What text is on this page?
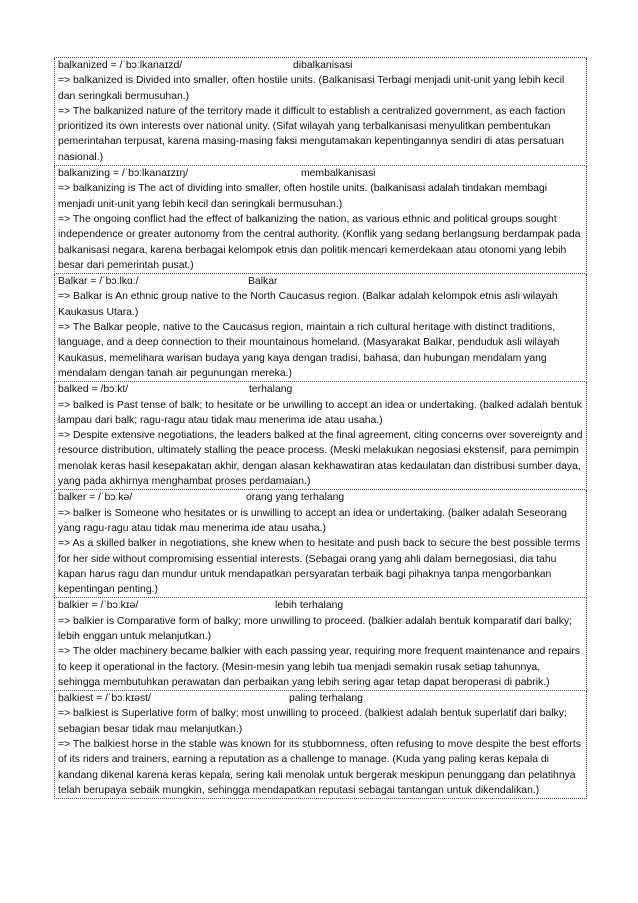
balkanized = /ˈbɔːlkanaɪzd/

	dibalkanisasi

=> balkanized is Divided into smaller, often hostile units. (Balkanisasi Terbagi menjadi unit-unit yang lebih kecil dan seringkali bermusuhan.)
=> The balkanized nature of the territory made it difficult to establish a centralized government, as each faction prioritized its own interests over national unity. (Sifat wilayah yang terbalkanisasi menyulitkan pembentukan pemerintahan terpusat, karena masing-masing faksi mengutamakan kepentingannya sendiri di atas persatuan nasional.)

balkanizing = /ˈbɔːlkanaɪzɪŋ/

	membalkanisasi

=> balkanizing is The act of dividing into smaller, often hostile units. (balkanisasi adalah tindakan membagi menjadi unit-unit yang lebih kecil dan seringkali bermusuhan.)
=> The ongoing conflict had the effect of balkanizing the nation, as various ethnic and political groups sought independence or greater autonomy from the central authority. (Konflik yang sedang berlangsung berdampak pada balkanisasi negara, karena berbagai kelompok etnis dan politik mencari kemerdekaan atau otonomi yang lebih besar dari pemerintah pusat.)

Balkar = /ˈbɔːlkɑː/

	Balkar

=> Balkar is An ethnic group native to the North Caucasus region. (Balkar adalah kelompok etnis asli wilayah Kaukasus Utara.)
=> The Balkar people, native to the Caucasus region, maintain a rich cultural heritage with distinct traditions, language, and a deep connection to their mountainous homeland. (Masyarakat Balkar, penduduk asli wilayah Kaukasus, memelihara warisan budaya yang kaya dengan tradisi, bahasa, dan hubungan mendalam yang mendalam dengan tanah air pegunungan mereka.)

balked = /bɔːkt/

	terhalang

=> balked is Past tense of balk; to hesitate or be unwilling to accept an idea or undertaking. (balked adalah bentuk lampau dari balk; ragu-ragu atau tidak mau menerima ide atau usaha.)
=> Despite extensive negotiations, the leaders balked at the final agreement, citing concerns over sovereignty and resource distribution, ultimately stalling the peace process. (Meski melakukan negosiasi ekstensif, para pemimpin menolak keras hasil kesepakatan akhir, dengan alasan kekhawatiran atas kedaulatan dan distribusi sumber daya, yang pada akhirnya menghambat proses perdamaian.)

balker = /ˈbɔːkə/

	orang yang terhalang

=> balker is Someone who hesitates or is unwilling to accept an idea or undertaking. (balker adalah Seseorang yang ragu-ragu atau tidak mau menerima ide atau usaha.)
=> As a skilled balker in negotiations, she knew when to hesitate and push back to secure the best possible terms for her side without compromising essential interests. (Sebagai orang yang ahli dalam bernegosiasi, dia tahu kapan harus ragu dan mundur untuk mendapatkan persyaratan terbaik bagi pihaknya tanpa mengorbankan kepentingan penting.)

balkier = /ˈbɔːkɪə/

	lebih terhalang

=> balkier is Comparative form of balky; more unwilling to proceed. (balkier adalah bentuk komparatif dari balky; lebih enggan untuk melanjutkan.)
=> The older machinery became balkier with each passing year, requiring more frequent maintenance and repairs to keep it operational in the factory. (Mesin-mesin yang lebih tua menjadi semakin rusak setiap tahunnya, sehingga membutuhkan perawatan dan perbaikan yang lebih sering agar tetap dapat beroperasi di pabrik.)

balkiest = /ˈbɔːkɪəst/

	paling terhalang

=> balkiest is Superlative form of balky; most unwilling to proceed. (balkiest adalah bentuk superlatif dari balky; sebagian besar tidak mau melanjutkan.)
=> The balkiest horse in the stable was known for its stubbornness, often refusing to move despite the best efforts of its riders and trainers, earning a reputation as a challenge to manage. (Kuda yang paling keras kepala di kandang dikenal karena keras kepala, sering kali menolak untuk bergerak meskipun penunggang dan pelatihnya telah berupaya sebaik mungkin, sehingga mendapatkan reputasi sebagai tantangan untuk dikendalikan.)
